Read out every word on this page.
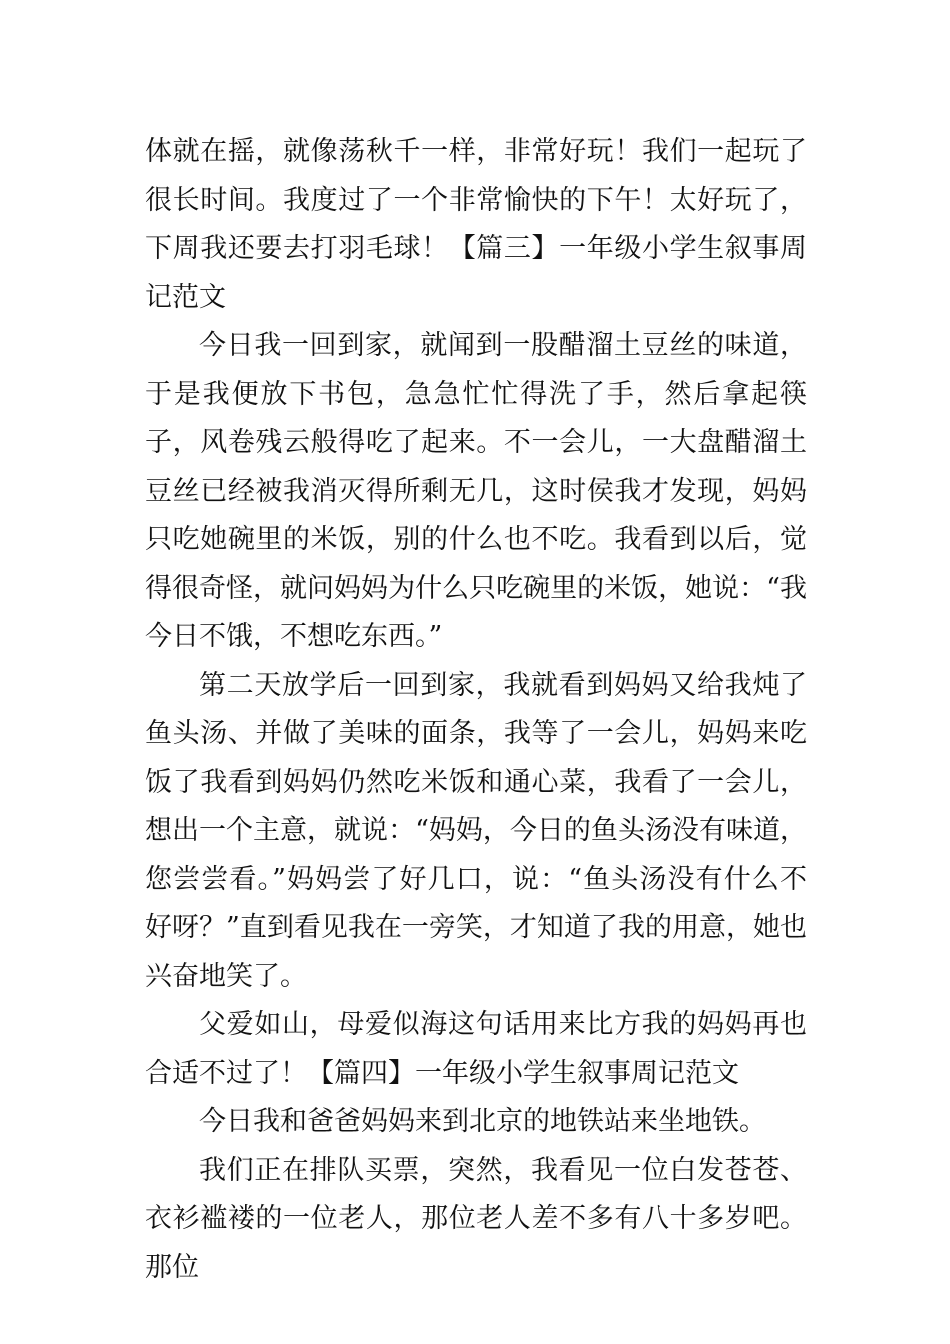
体就在摇，就像荡秋千一样，非常好玩！我们一起玩了很长时间。我度过了一个非常愉快的下午！太好玩了，下周我还要去打羽毛球！【篇三】一年级小学生叙事周记范文

今日我一回到家，就闻到一股醋溜土豆丝的味道，于是我便放下书包，急急忙忙得洗了手，然后拿起筷子，风卷残云般得吃了起来。不一会儿，一大盘醋溜土豆丝已经被我消灭得所剩无几，这时侯我才发现，妈妈只吃她碗里的米饭，别的什么也不吃。我看到以后，觉得很奇怪，就问妈妈为什么只吃碗里的米饭，她说：“我今日不饿，不想吃东西。”

第二天放学后一回到家，我就看到妈妈又给我炖了鱼头汤、并做了美味的面条，我等了一会儿，妈妈来吃饭了我看到妈妈仍然吃米饭和通心菜，我看了一会儿，想出一个主意，就说：“妈妈，今日的鱼头汤没有味道，您尝尝看。”妈妈尝了好几口，说：“鱼头汤没有什么不好呀？”直到看见我在一旁笑，才知道了我的用意，她也兴奋地笑了。

父爱如山，母爱似海这句话用来比方我的妈妈再也合适不过了！【篇四】一年级小学生叙事周记范文

今日我和爸爸妈妈来到北京的地铁站来坐地铁。

我们正在排队买票，突然，我看见一位白发苍苍、衣衫褴褛的一位老人，那位老人差不多有八十多岁吧。那位
